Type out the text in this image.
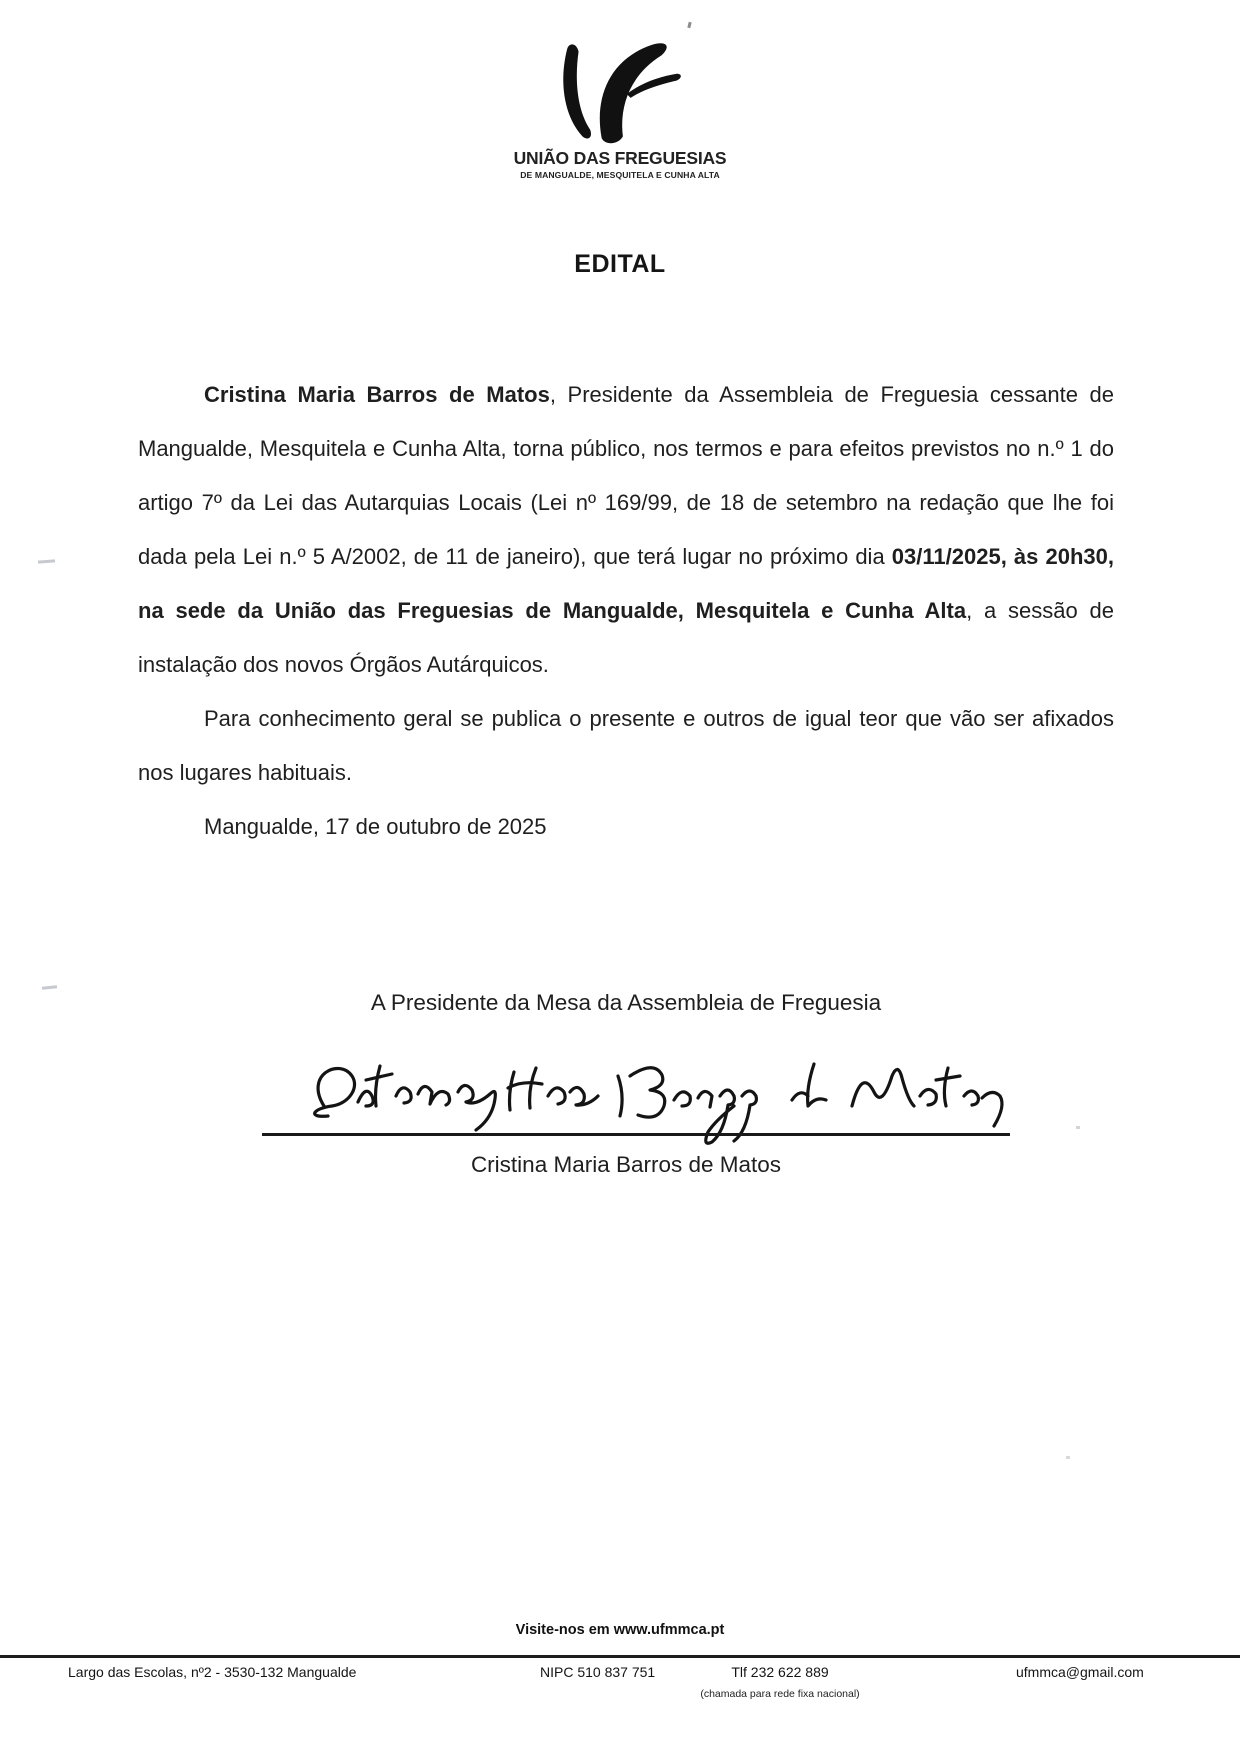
UNIÃO DAS FREGUESIAS
DE MANGUALDE, MESQUITELA E CUNHA ALTA
EDITAL

Cristina Maria Barros de Matos, Presidente da Assembleia de Freguesia cessante de Mangualde, Mesquitela e Cunha Alta, torna público, nos termos e para efeitos previstos no n.º 1 do artigo 7º da Lei das Autarquias Locais (Lei nº 169/99, de 18 de setembro na redação que lhe foi dada pela Lei n.º 5 A/2002, de 11 de janeiro), que terá lugar no próximo dia 03/11/2025, às 20h30, na sede da União das Freguesias de Mangualde, Mesquitela e Cunha Alta, a sessão de instalação dos novos Órgãos Autárquicos.

Para conhecimento geral se publica o presente e outros de igual teor que vão ser afixados nos lugares habituais.

Mangualde, 17 de outubro de 2025

A Presidente da Mesa da Assembleia de Freguesia
Cristina Maria Barros de Matos
Visite-nos em www.ufmmca.pt
Largo das Escolas, nº2 - 3530-132 Mangualde	NIPC 510 837 751	Tlf 232 622 889
(chamada para rede fixa nacional)
ufmmca@gmail.com
